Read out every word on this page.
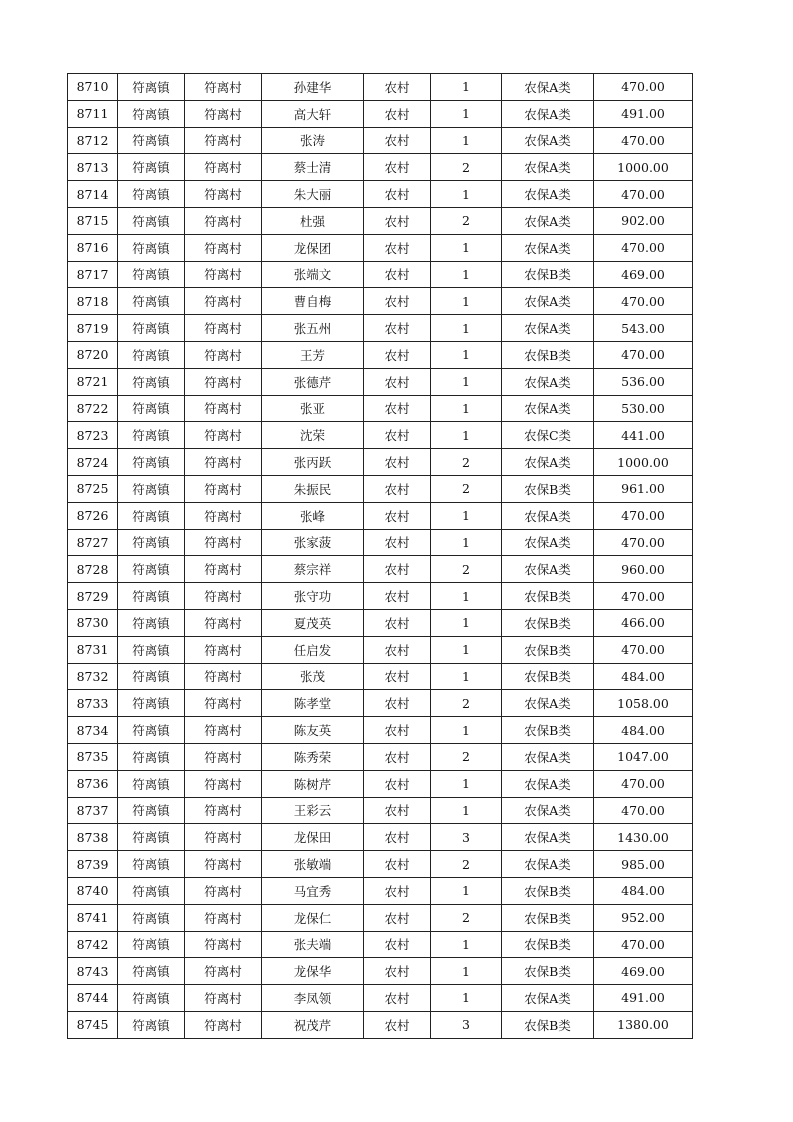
8710	符离镇	符离村	孙建华	农村	1	农保A类	470.00
8711	符离镇	符离村	高大轩	农村	1	农保A类	491.00
8712	符离镇	符离村	张涛	农村	1	农保A类	470.00
8713	符离镇	符离村	蔡士清	农村	2	农保A类	1000.00
8714	符离镇	符离村	朱大丽	农村	1	农保A类	470.00
8715	符离镇	符离村	杜强	农村	2	农保A类	902.00
8716	符离镇	符离村	龙保团	农村	1	农保A类	470.00
8717	符离镇	符离村	张端文	农村	1	农保B类	469.00
8718	符离镇	符离村	曹自梅	农村	1	农保A类	470.00
8719	符离镇	符离村	张五州	农村	1	农保A类	543.00
8720	符离镇	符离村	王芳	农村	1	农保B类	470.00
8721	符离镇	符离村	张德芹	农村	1	农保A类	536.00
8722	符离镇	符离村	张亚	农村	1	农保A类	530.00
8723	符离镇	符离村	沈荣	农村	1	农保C类	441.00
8724	符离镇	符离村	张丙跃	农村	2	农保A类	1000.00
8725	符离镇	符离村	朱振民	农村	2	农保B类	961.00
8726	符离镇	符离村	张峰	农村	1	农保A类	470.00
8727	符离镇	符离村	张家菠	农村	1	农保A类	470.00
8728	符离镇	符离村	蔡宗祥	农村	2	农保A类	960.00
8729	符离镇	符离村	张守功	农村	1	农保B类	470.00
8730	符离镇	符离村	夏茂英	农村	1	农保B类	466.00
8731	符离镇	符离村	任启发	农村	1	农保B类	470.00
8732	符离镇	符离村	张茂	农村	1	农保B类	484.00
8733	符离镇	符离村	陈孝堂	农村	2	农保A类	1058.00
8734	符离镇	符离村	陈友英	农村	1	农保B类	484.00
8735	符离镇	符离村	陈秀荣	农村	2	农保A类	1047.00
8736	符离镇	符离村	陈树芹	农村	1	农保A类	470.00
8737	符离镇	符离村	王彩云	农村	1	农保A类	470.00
8738	符离镇	符离村	龙保田	农村	3	农保A类	1430.00
8739	符离镇	符离村	张敏端	农村	2	农保A类	985.00
8740	符离镇	符离村	马宜秀	农村	1	农保B类	484.00
8741	符离镇	符离村	龙保仁	农村	2	农保B类	952.00
8742	符离镇	符离村	张夫端	农村	1	农保B类	470.00
8743	符离镇	符离村	龙保华	农村	1	农保B类	469.00
8744	符离镇	符离村	李凤领	农村	1	农保A类	491.00
8745	符离镇	符离村	祝茂芹	农村	3	农保B类	1380.00
